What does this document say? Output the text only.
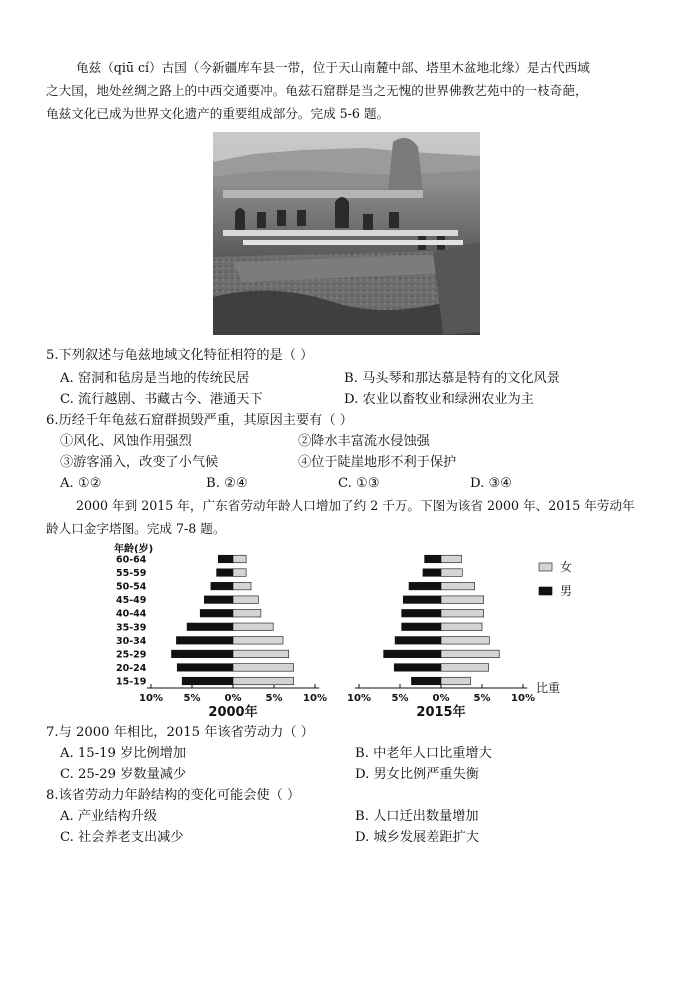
龟兹（qiū cí）古国（今新疆库车县一带，位于天山南麓中部、塔里木盆地北缘）是古代西域
之大国，地处丝绸之路上的中西交通要冲。龟兹石窟群是当之无愧的世界佛教艺苑中的一枝奇葩，
龟兹文化已成为世界文化遗产的重要组成部分。完成 5-6 题。
5.下列叙述与龟兹地域文化特征相符的是（ ）
A. 窑洞和毡房是当地的传统民居	B. 马头琴和那达慕是特有的文化风景
C. 流行越剧、书藏古今、港通天下	D. 农业以畜牧业和绿洲农业为主
6.历经千年龟兹石窟群损毁严重，其原因主要有（ ）
①风化、风蚀作用强烈	②降水丰富流水侵蚀强
③游客涌入，改变了小气候	④位于陡崖地形不利于保护
A. ①②	B. ②④	C. ①③	D. ③④
2000 年到 2015 年，广东省劳动年龄人口增加了约 2 千万。下图为该省 2000 年、2015 年劳动年
龄人口金字塔图。完成 7-8 题。
年龄(岁)
15-19
20-24
25-29
30-34
35-39
40-44
45-49
50-54
55-59
60-64
10% 5% 0% 5% 10%
2000年
10% 5% 0% 5% 10%
2015年
比重
女
男
7.与 2000 年相比，2015 年该省劳动力（ ）
A. 15-19 岁比例增加	B. 中老年人口比重增大
C. 25-29 岁数量减少	D. 男女比例严重失衡
8.该省劳动力年龄结构的变化可能会使（ ）
A. 产业结构升级	B. 人口迁出数量增加
C. 社会养老支出减少	D. 城乡发展差距扩大
